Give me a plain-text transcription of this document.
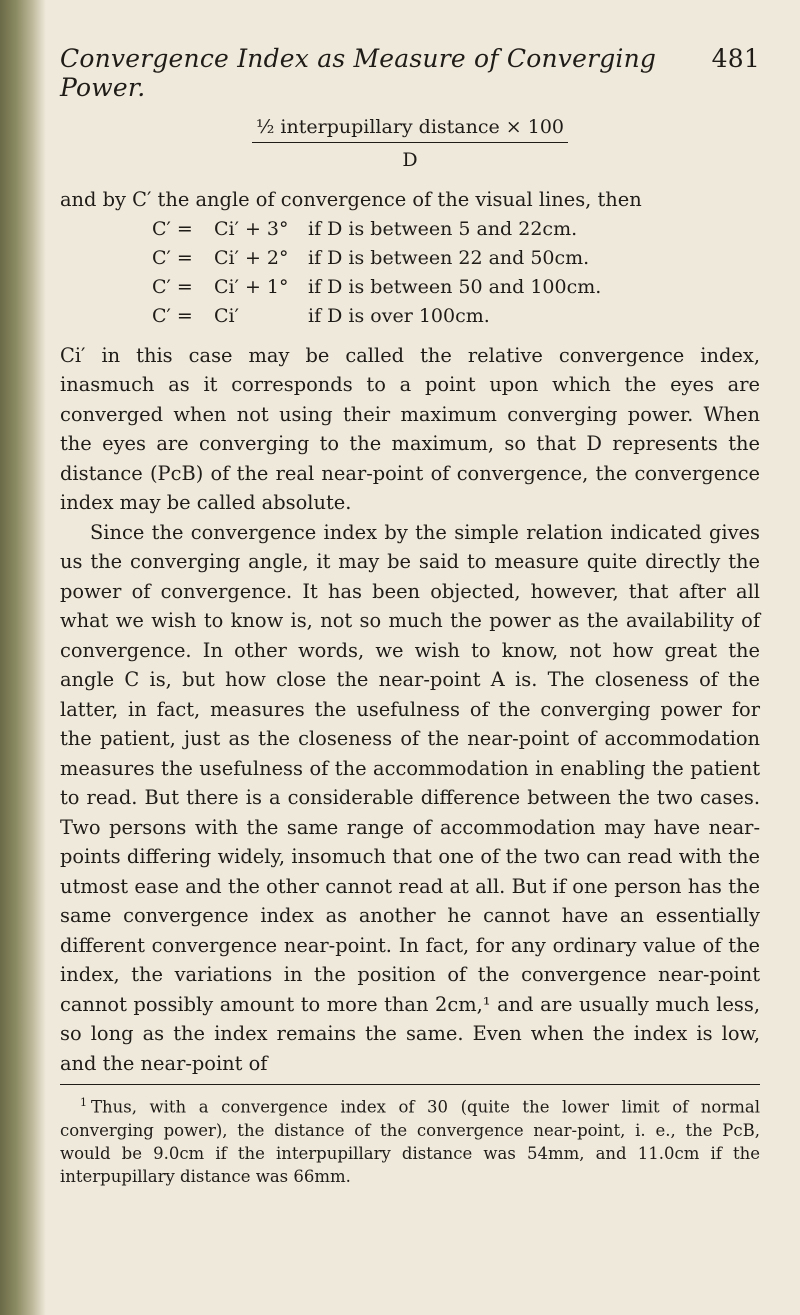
Convergence Index as Measure of Converging Power.
481
½ interpupillary distance × 100
D

and by C′ the angle of convergence of the visual lines, then

C′ =	Ci′ + 3°	if D is between 5 and 22cm.
C′ =	Ci′ + 2°	if D is between 22 and 50cm.
C′ =	Ci′ + 1°	if D is between 50 and 100cm.
C′ =	Ci′	if D is over 100cm.

Ci′ in this case may be called the relative convergence index, inasmuch as it corresponds to a point upon which the eyes are converged when not using their maximum converging power. When the eyes are converging to the maximum, so that D represents the distance (PcB) of the real near-point of convergence, the convergence index may be called absolute.

Since the convergence index by the simple relation indicated gives us the converging angle, it may be said to measure quite directly the power of convergence. It has been objected, however, that after all what we wish to know is, not so much the power as the availability of convergence. In other words, we wish to know, not how great the angle C is, but how close the near-point A is. The closeness of the latter, in fact, measures the usefulness of the converging power for the patient, just as the closeness of the near-point of accommodation measures the usefulness of the accommodation in enabling the patient to read. But there is a considerable difference between the two cases. Two persons with the same range of accommodation may have near-points differing widely, insomuch that one of the two can read with the utmost ease and the other cannot read at all. But if one person has the same convergence index as another he cannot have an essentially different convergence near-point. In fact, for any ordinary value of the index, the variations in the position of the convergence near-point cannot possibly amount to more than 2cm,¹ and are usually much less, so long as the index remains the same. Even when the index is low, and the near-point of

$^1$ Thus, with a convergence index of 30 (quite the lower limit of normal converging power), the distance of the convergence near-point, i. e., the PcB, would be 9.0cm if the interpupillary distance was 54mm, and 11.0cm if the interpupillary distance was 66mm.
